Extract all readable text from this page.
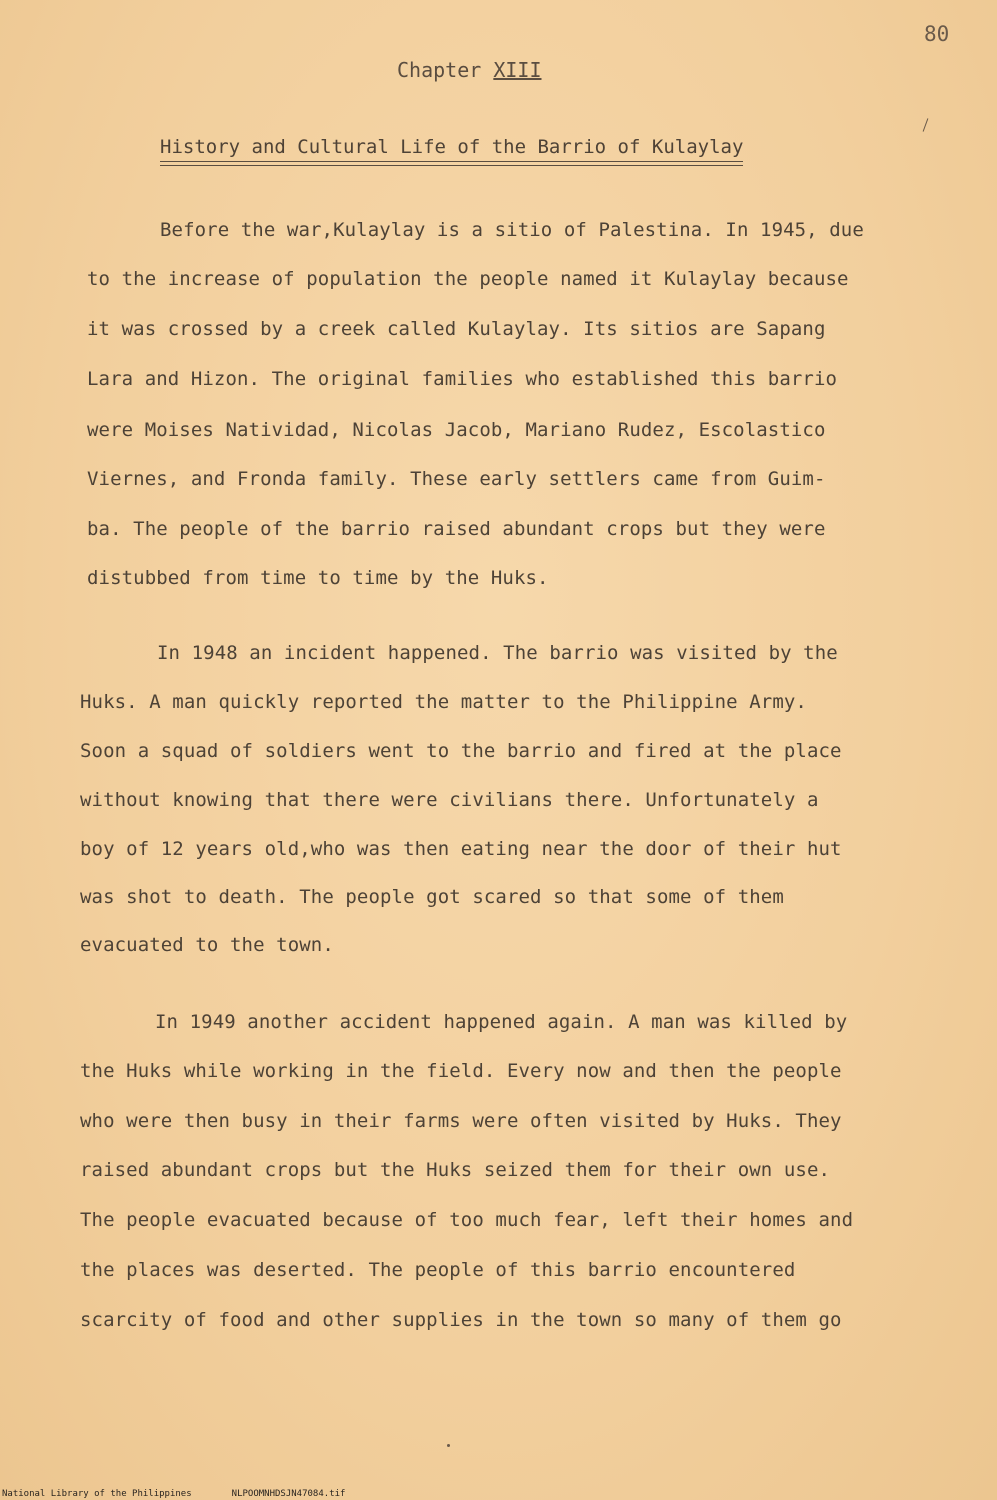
80
Chapter XIII
History and Cultural Life of the Barrio of Kulaylay
Before the war,Kulaylay is a sitio of Palestina. In 1945, due
to the increase of population the people named it Kulaylay because
it was crossed by a creek called Kulaylay. Its sitios are Sapang
Lara and Hizon. The original families who established this barrio
were Moises Natividad, Nicolas Jacob, Mariano Rudez, Escolastico
Viernes, and Fronda family. These early settlers came from Guim-
ba. The people of the barrio raised abundant crops but they were
distubbed from time to time by the Huks.
In 1948 an incident happened. The barrio was visited by the
Huks. A man quickly reported the matter to the Philippine Army.
Soon a squad of soldiers went to the barrio and fired at the place
without knowing that there were civilians there. Unfortunately a
boy of 12 years old,who was then eating near the door of their hut
was shot to death. The people got scared so that some of them
evacuated to the town.
In 1949 another accident happened again. A man was killed by
the Huks while working in the field. Every now and then the people
who were then busy in their farms were often visited by Huks. They
raised abundant crops but the Huks seized them for their own use.
The people evacuated because of too much fear, left their homes and
the places was deserted. The people of this barrio encountered
scarcity of food and other supplies in the town so many of them go
National Library of the Philippines	NLPOOMNHDSJN47084.tif
